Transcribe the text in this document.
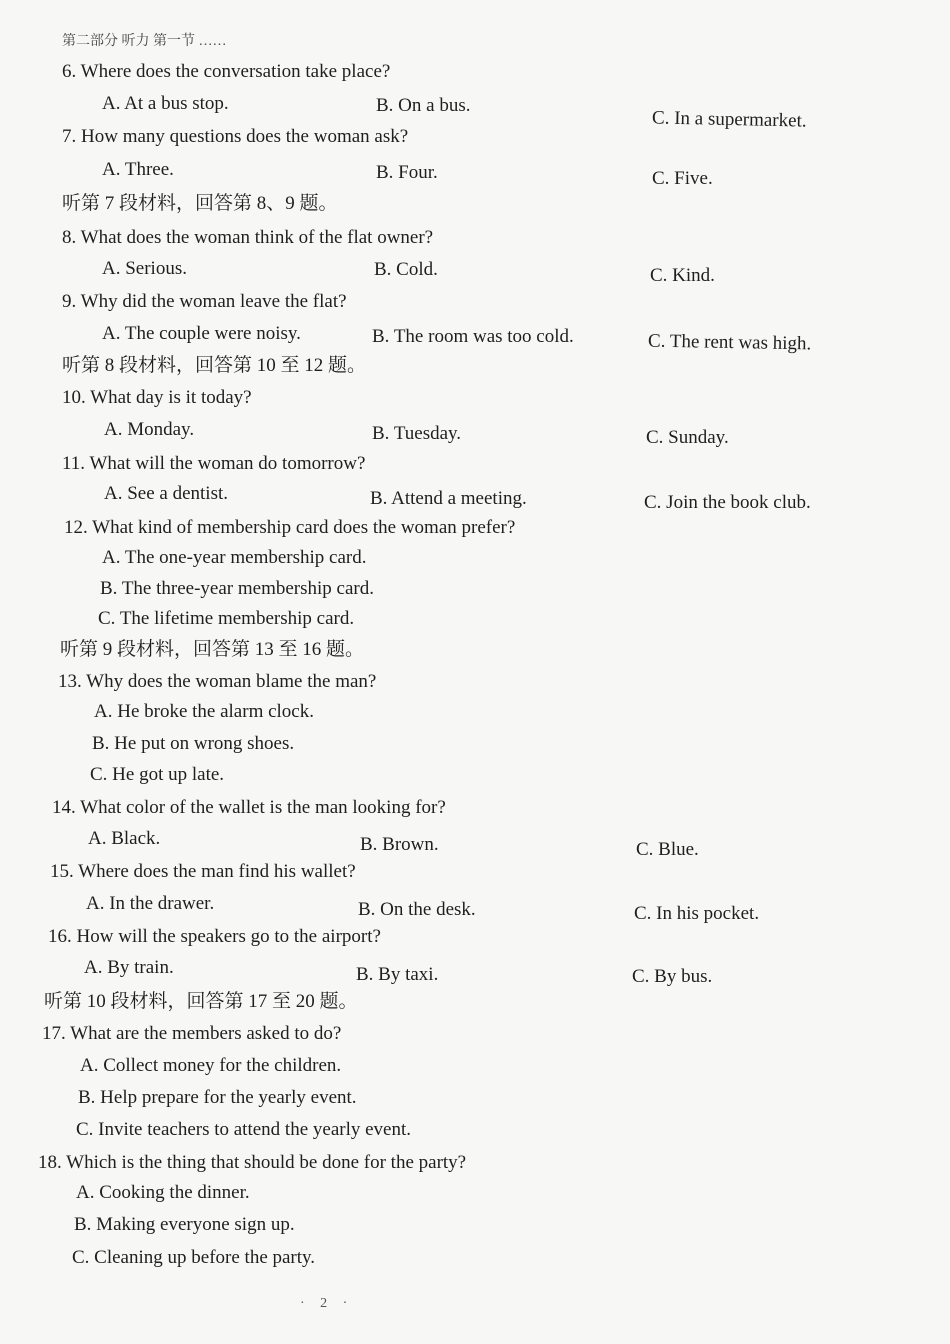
第二部分 听力 第一节 ……
6. Where does the conversation take place?
A. At a bus stop.	B. On a bus.
C. In a supermarket.
7. How many questions does the woman ask?
A. Three.	B. Four.	C. Five.
听第 7 段材料，回答第 8、9 题。
8. What does the woman think of the flat owner?
A. Serious.	B. Cold.	C. Kind.
9. Why did the woman leave the flat?
A. The couple were noisy.	B. The room was too cold.	C. The rent was high.
听第 8 段材料，回答第 10 至 12 题。
10. What day is it today?
A. Monday.	B. Tuesday.	C. Sunday.
11. What will the woman do tomorrow?
A. See a dentist.	B. Attend a meeting.	C. Join the book club.
12. What kind of membership card does the woman prefer?
A. The one-year membership card.
B. The three-year membership card.
C. The lifetime membership card.
听第 9 段材料，回答第 13 至 16 题。
13. Why does the woman blame the man?
A. He broke the alarm clock.
B. He put on wrong shoes.
C. He got up late.
14. What color of the wallet is the man looking for?
A. Black.	B. Brown.	C. Blue.
15. Where does the man find his wallet?
A. In the drawer.	B. On the desk.	C. In his pocket.
16. How will the speakers go to the airport?
A. By train.	B. By taxi.	C. By bus.
听第 10 段材料，回答第 17 至 20 题。
17. What are the members asked to do?
A. Collect money for the children.
B. Help prepare for the yearly event.
C. Invite teachers to attend the yearly event.
18. Which is the thing that should be done for the party?
A. Cooking the dinner.
B. Making everyone sign up.
C. Cleaning up before the party.
· 2 ·
